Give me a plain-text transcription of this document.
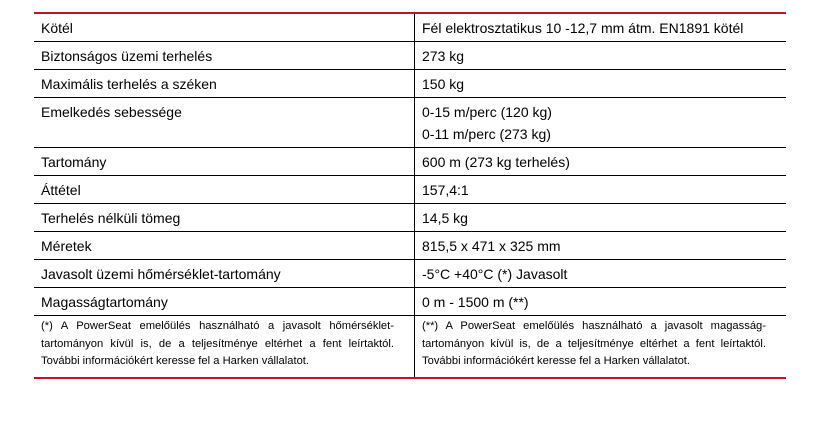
Kötél	Fél elektrosztatikus 10 -12,7 mm átm. EN1891 kötél
Biztonságos üzemi terhelés	273 kg
Maximális terhelés a széken	150 kg
Emelkedés sebessége	0-15 m/perc (120 kg)
0-11 m/perc (273 kg)

Tartomány	600 m (273 kg terhelés)
Áttétel	157,4:1
Terhelés nélküli tömeg	14,5 kg
Méretek	815,5 x 471 x 325 mm
Javasolt üzemi hőmérséklet-tartomány	-5°C +40°C (*) Javasolt
Magasságtartomány	0 m - 1500 m (**)
(*) A PowerSeat emelőülés használható a javasolt hőmérséklet-tartományon kívül is, de a teljesítménye eltérhet a fent leírtaktól. További információkért keresse fel a Harken vállalatot.	(**) A PowerSeat emelőülés használható a javasolt magasság-tartományon kívül is, de a teljesítménye eltérhet a fent leírtaktól. További információkért keresse fel a Harken vállalatot.
